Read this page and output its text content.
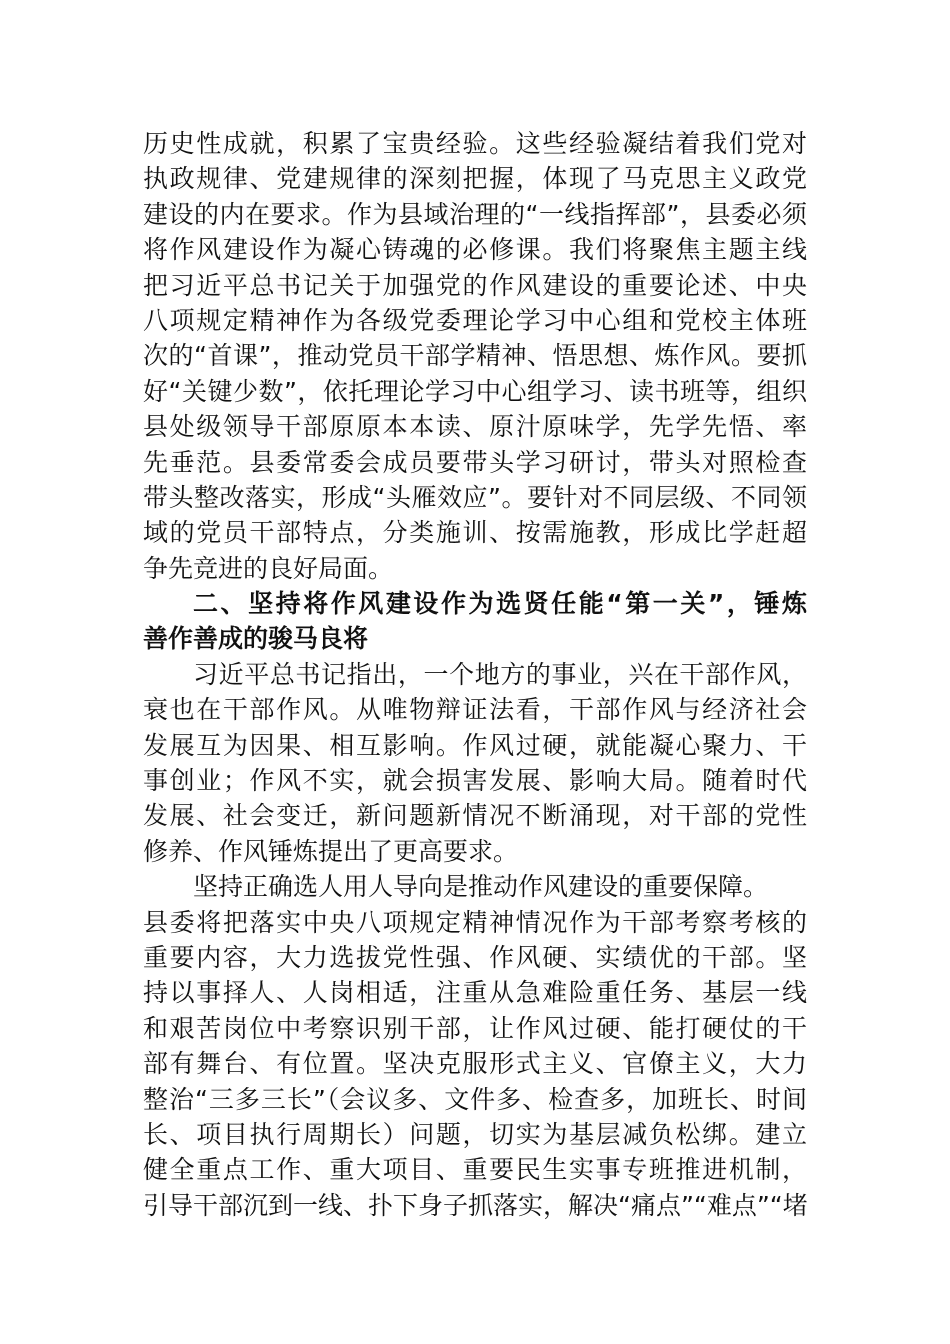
历史性成就，积累了宝贵经验。这些经验凝结着我们党对
执政规律、党建规律的深刻把握，体现了马克思主义政党
建设的内在要求。作为县域治理的“一线指挥部”，县委必须
将作风建设作为凝心铸魂的必修课。我们将聚焦主题主线
把习近平总书记关于加强党的作风建设的重要论述、中央
八项规定精神作为各级党委理论学习中心组和党校主体班
次的“首课”，推动党员干部学精神、悟思想、炼作风。要抓
好“关键少数”，依托理论学习中心组学习、读书班等，组织
县处级领导干部原原本本读、原汁原味学，先学先悟、率
先垂范。县委常委会成员要带头学习研讨，带头对照检查
带头整改落实，形成“头雁效应”。要针对不同层级、不同领
域的党员干部特点，分类施训、按需施教，形成比学赶超
争先竞进的良好局面。
二、坚持将作风建设作为选贤任能“第一关”，锤炼
善作善成的骏马良将
习近平总书记指出，一个地方的事业，兴在干部作风，
衰也在干部作风。从唯物辩证法看，干部作风与经济社会
发展互为因果、相互影响。作风过硬，就能凝心聚力、干
事创业；作风不实，就会损害发展、影响大局。随着时代
发展、社会变迁，新问题新情况不断涌现，对干部的党性
修养、作风锤炼提出了更高要求。
坚持正确选人用人导向是推动作风建设的重要保障。
县委将把落实中央八项规定精神情况作为干部考察考核的
重要内容，大力选拔党性强、作风硬、实绩优的干部。坚
持以事择人、人岗相适，注重从急难险重任务、基层一线
和艰苦岗位中考察识别干部，让作风过硬、能打硬仗的干
部有舞台、有位置。坚决克服形式主义、官僚主义，大力
整治“三多三长”（会议多、文件多、检查多，加班长、时间
长、项目执行周期长）问题，切实为基层减负松绑。建立
健全重点工作、重大项目、重要民生实事专班推进机制，
引导干部沉到一线、扑下身子抓落实，解决“痛点”“难点”“堵
